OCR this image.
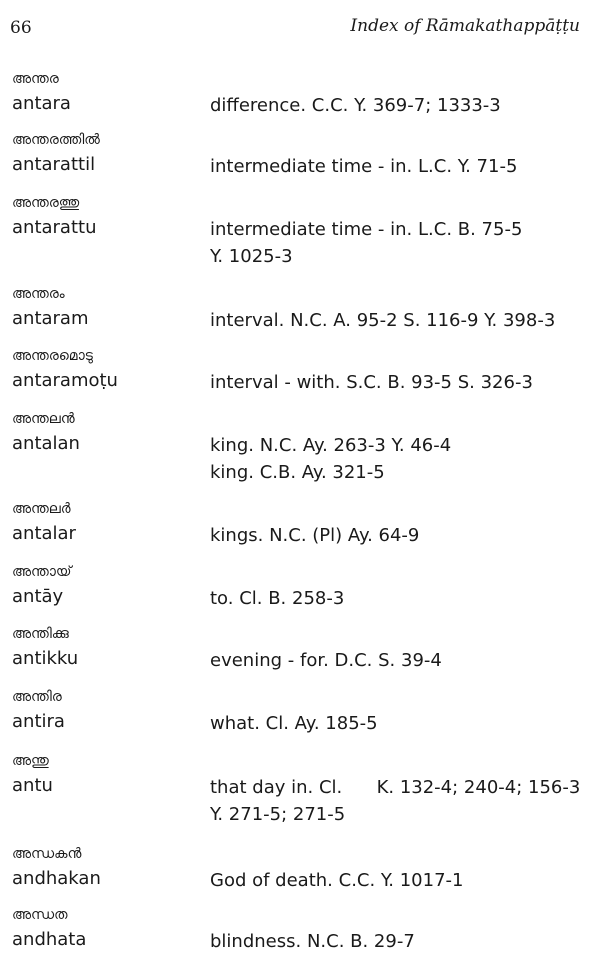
66	Index of Rāmakathappāṭṭu
അന്തര
antara	difference. C.C. Y. 369-7; 1333-3
അന്തരത്തിൽ
antarattil	intermediate time - in. L.C. Y. 71-5
അന്തരത്തു
antarattu	intermediate time - in. L.C. B. 75-5
Y. 1025-3
അന്തരം
antaram	interval. N.C. A. 95-2 S. 116-9 Y. 398-3
അന്തരമൊടു
antaramoṭu	interval - with. S.C. B. 93-5 S. 326-3
അന്തലൻ
antalan	king. N.C. Ay. 263-3 Y. 46-4
king. C.B. Ay. 321-5
അന്തലർ
antalar	kings. N.C. (Pl) Ay. 64-9
അന്തായ്
antāy	to. Cl. B. 258-3
അന്തിക്കു
antikku	evening - for. D.C. S. 39-4
അന്തിര
antira	what. Cl. Ay. 185-5
അന്തു
antu	that day in. Cl.      K. 132-4; 240-4; 156-3
Y. 271-5; 271-5
അന്ധകൻ
andhakan	God of death. C.C. Y. 1017-1
അന്ധത
andhata	blindness. N.C. B. 29-7
